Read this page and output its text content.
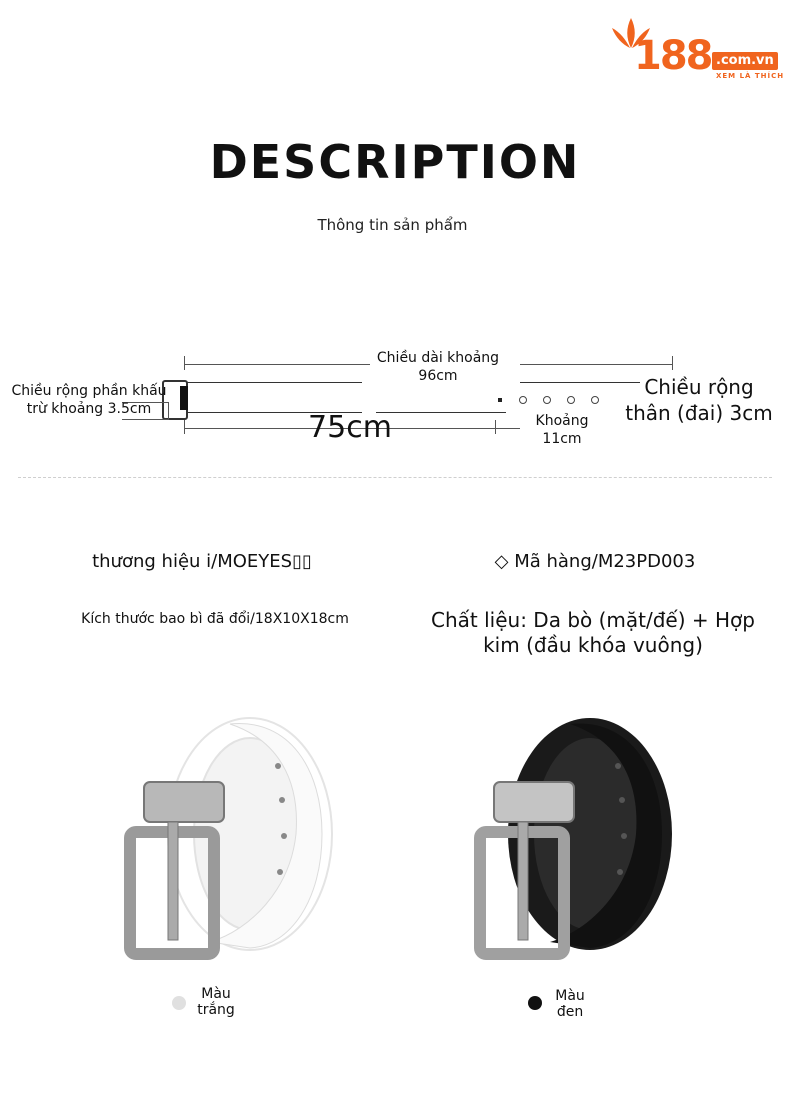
188 .com.vn
XEM LÀ THÍCH
DESCRIPTION
Thông tin sản phẩm
Chiều dài khoảng
96cm
Chiều rộng phần khấu
trừ khoảng 3.5cm
Chiều rộng
thân (đai) 3cm
75cm	Khoảng
11cm
thương hiệu i/MOEYES▯▯	◇ Mã hàng/M23PD003
Kích thước bao bì đã đổi/18X10X18cm	Chất liệu: Da bò (mặt/đế) + Hợp kim (đầu khóa vuông)
Màu
trắng
Màu
đen
